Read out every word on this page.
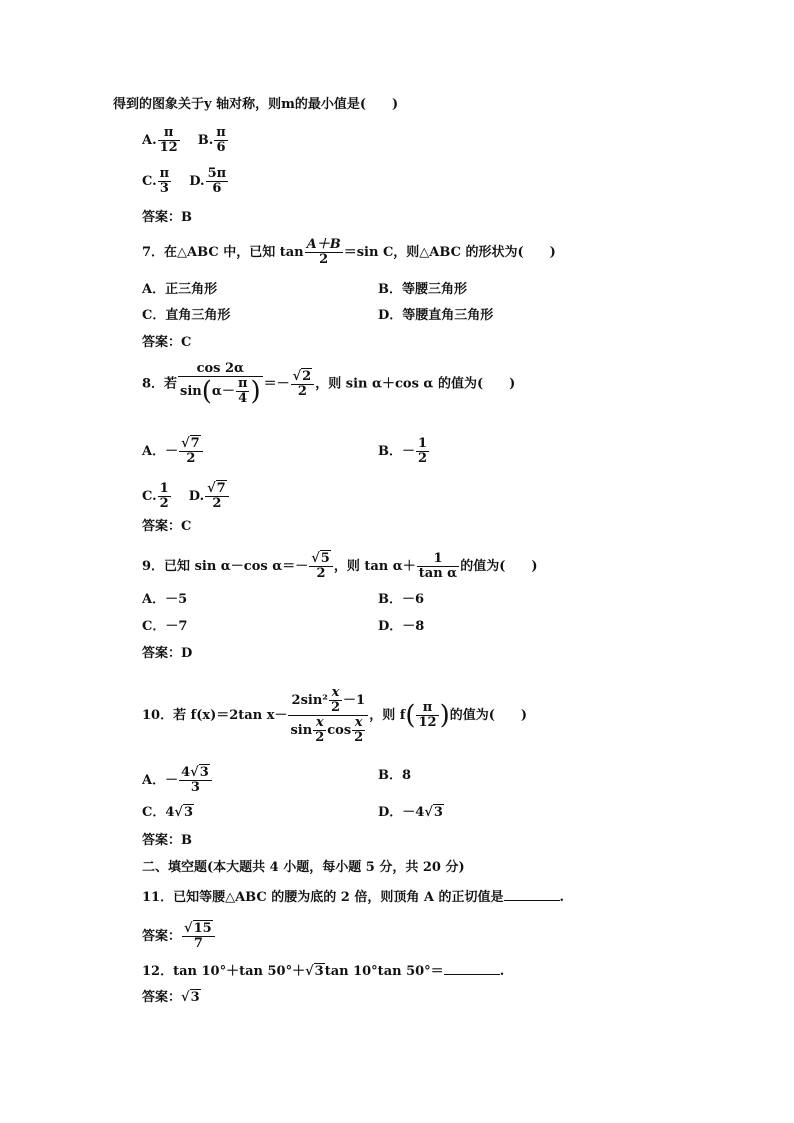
得到的图象关于y 轴对称，则m的最小值是(　　)
A. $\frac{\pi}{12} B$. $\frac{\pi}{6}$
C. $\frac{\pi}{3} D$. $\frac{5\pi}{6}$
答案：B
7．在△ABC 中，已知 $\tan \frac{A+B}{2} =\sin$ C，则△ABC 的形状为(　　)
A．正三角形	B．等腰三角形
C．直角三角形	D．等腰直角三角形
答案：C
8．若 $\frac{\cos 2\alpha}{\sin(\alpha- \frac{\pi}{4} )} =- \frac{√2}{2}$ ，则 sin α＋cos α 的值为(　　)
A．－ $\frac{√7}{2}$	B．－ $\frac{1}{2}$
C. $\frac{1}{2} D$. $\frac{√7}{2}$
答案：C
9．已知 sin α－cos $\alpha=- \frac{√5}{2}$ ，则 $\tan \alpha+ \frac{1}{\text{tan α}}$ 的值为(　　)
A．－5	B．－6
C．－7	D．－8
答案：D
10．若 f(x)＝2tan $x- \frac{2\sin^2 \frac{x}{2} -1}{\sin \frac{x}{2} \cos \frac{x}{2}}$ ，则 $f( \frac{\pi}{12}$ )的值为(　　)
A．－ $\frac{4√3}{3}$	B．8
C．4√3	D．－4√3
答案：B
二、填空题(本大题共 4 小题，每小题 5 分，共 20 分)
11．已知等腰△ABC 的腰为底的 2 倍，则顶角 A 的正切值是	.
答案： $\frac{√15}{7}$
12．tan 10°＋tan 50°＋√3tan 10°tan 50°＝	.
答案：√3
